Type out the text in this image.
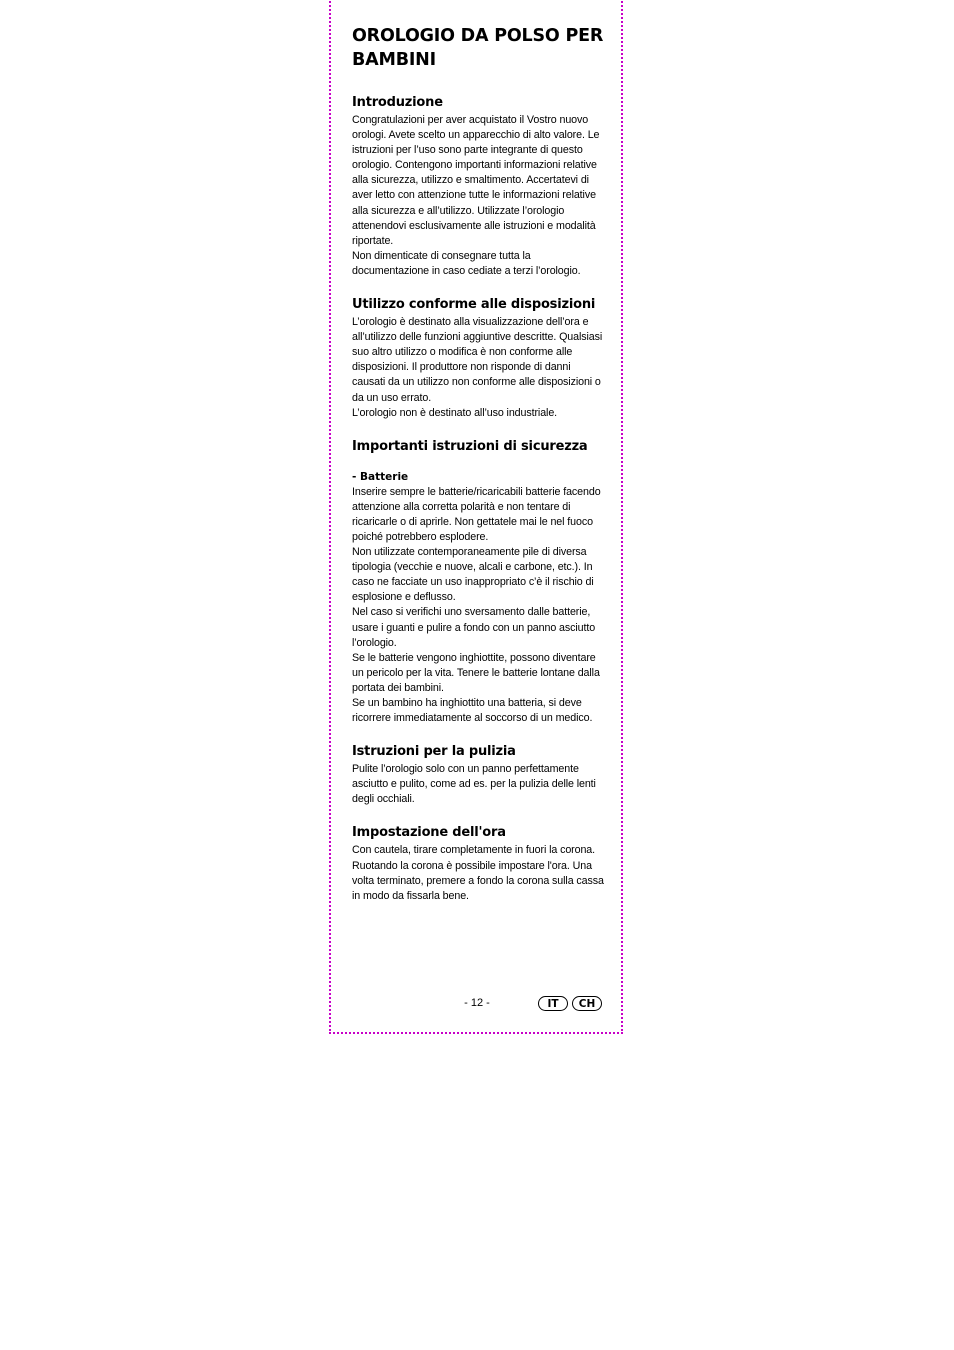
OROLOGIO DA POLSO PER BAMBINI
Introduzione

Congratulazioni per aver acquistato il Vostro nuovo orologi. Avete scelto un apparecchio di alto valore. Le istruzioni per l’uso sono parte integrante di questo orologio. Contengono importanti informazioni relative alla sicurezza, utilizzo e smaltimento. Accertatevi di aver letto con attenzione tutte le informazioni relative alla sicurezza e all’utilizzo. Utilizzate l’orologio attenendovi esclusivamente alle istruzioni e modalità riportate.

Non dimenticate di consegnare tutta la documentazione in caso cediate a terzi l’orologio.

Utilizzo conforme alle disposizioni

L’orologio è destinato alla visualizzazione dell’ora e all’utilizzo delle funzioni aggiuntive descritte. Qualsiasi suo altro utilizzo o modifica è non conforme alle disposizioni. Il produttore non risponde di danni causati da un utilizzo non conforme alle disposizioni o da un uso errato.

L’orologio non è destinato all’uso industriale.

Importanti istruzioni di sicurezza
- Batterie

Inserire sempre le batterie/ricaricabili batterie facendo attenzione alla corretta polarità e non tentare di ricaricarle o di aprirle. Non gettatele mai le nel fuoco poiché potrebbero esplodere.

Non utilizzate contemporaneamente pile di diversa tipologia (vecchie e nuove, alcali e carbone, etc.). In caso ne facciate un uso inappropriato c’è il rischio di esplosione e deflusso.

Nel caso si verifichi uno sversamento dalle batterie, usare i guanti e pulire a fondo con un panno asciutto l’orologio.

Se le batterie vengono inghiottite, possono diventare un pericolo per la vita. Tenere le batterie lontane dalla portata dei bambini.

Se un bambino ha inghiottito una batteria, si deve ricorrere immediatamente al soccorso di un medico.

Istruzioni per la pulizia

Pulite l’orologio solo con un panno perfettamente asciutto e pulito, come ad es. per la pulizia delle lenti degli occhiali.

Impostazione dell'ora

Con cautela, tirare completamente in fuori la corona. Ruotando la corona è possibile impostare l'ora. Una volta terminato, premere a fondo la corona sulla cassa in modo da fissarla bene.

- 12 -	IT	CH
